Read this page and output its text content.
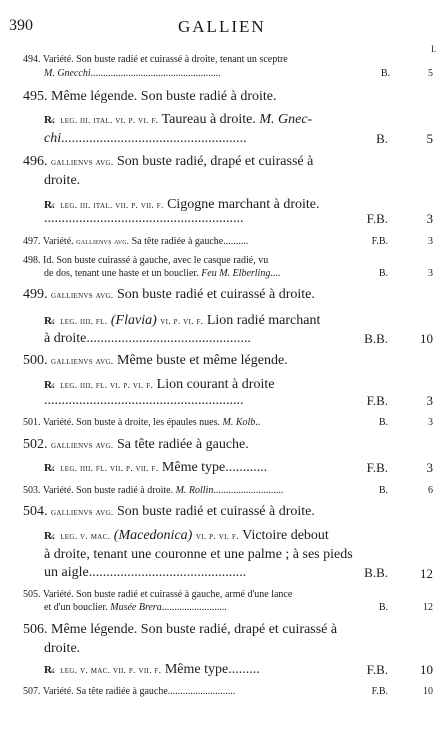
390	GALLIEN
I.
494. Variété. Son buste radié et cuirassé à droite, tenant un sceptre
M. Gnecchi....................................................	B.	5
495. Même légende. Son buste radié à droite.
R̷. leg. iii. ital. vi. p. vi. f. Taureau à droite. M. Gnec-
chi.....................................................	B.	5
496. gallienvs avg. Son buste radié, drapé et cuirassé à
droite.
R̷. leg. iii. ital. vii. p. vii. f. Cigogne marchant à droite.
.........................................................	F.B.	3
497. Variété. gallienvs avg. Sa tête radiée à gauche..........	F.B.	3
498. Id. Son buste cuirassé à gauche, avec le casque radié, vu
de dos, tenant une haste et un bouclier. Feu M. Elberling....	B.	3
499. gallienvs avg. Son buste radié et cuirassé à droite.
R̷. leg. iiii. fl. (Flavia) vi. p. vi. f. Lion radié marchant
à droite...............................................	B.B. 10
500. gallienvs avg. Même buste et même légende.
R̷. leg. iiii. fl. vi. p. vi. f. Lion courant à droite
.........................................................	F.B.	3
501. Variété. Son buste à droite, les épaules nues. M. Kolb..	B.	3
502. gallienvs avg. Sa tête radiée à gauche.
R̷. leg. iiii. fl. vii. p. vii. f. Même type............	F.B.	3
503. Variété. Son buste radié à droite. M. Rollin............................	B.	6
504. gallienvs avg. Son buste radié et cuirassé à droite.
R̷. leg. v. mac. (Macedonica) vi. p. vi. f. Victoire debout
à droite, tenant une couronne et une palme ; à ses pieds
un aigle.............................................	B.B. 12
505. Variété. Son buste radié et cuirassé à gauche, armé d'une lance
et d'un bouclier. Musée Brera..........................	B.	12
506. Même légende. Son buste radié, drapé et cuirassé à
droite.
R̷. leg. v. mac. vii. p. vii. f. Même type.........	F.B. 10
507. Variété. Sa tête radiée à gauche...........................	F.B.	10
